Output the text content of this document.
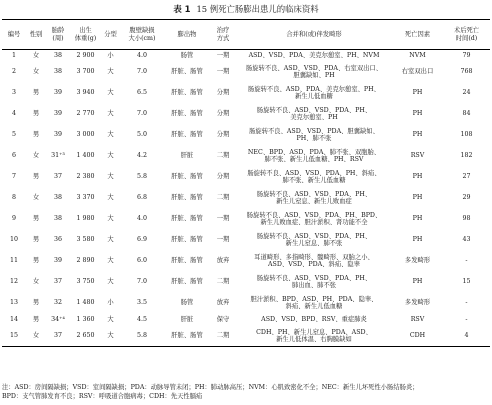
表 1 15 例死亡肠膨出患儿的临床资料
编号	性别	胎龄
(周)	出生
体重(g)	分型	腹壁缺损
大小(cm)	膨出物	治疗
方式	合并和(或)伴发畸形	死亡因素	术后死亡
时间(d)
1	女	38	2 900	小	4.0	肠管	一期	ASD、VSD、PDA、美克尔憩室、PH、NVM	NVM	79
2	女	38	3 700	大	7.0	肝脏、肠管	一期	肠旋转不良、ASD、VSD、PDA、右室双出口、
胆囊缺如、PH	右室双出口	768
3	男	39	3 940	大	6.5	肝脏、肠管	分期	肠旋转不良、ASD、PDA、美克尔憩室、PH、
新生儿低血糖	PH	24
4	男	39	2 770	大	7.0	肝脏、肠管	分期	肠旋转不良、ASD、VSD、PDA、PH、
美克尔憩室、PH	PH	84
5	男	39	3 000	大	5.0	肝脏、肠管	分期	肠旋转不良、ASD、VSD、PDA、胆囊缺如、
PH、肺不张	PH	108
6	女	31⁺³	1 400	大	4.2	肝脏	二期	NEC、BPD、ASD、PDA、肺不张、双胞胎、
肺不张、新生儿低血糖、PH、RSV	RSV	182
7	男	37	2 380	大	5.8	肝脏、肠管	分期	肠旋转不良、ASD、VSD、PDA、PH、斜疝、
肺不张、新生儿低血糖	PH	27
8	女	38	3 370	大	6.8	肝脏、肠管	二期	肠旋转不良、ASD、VSD、PDA、PH、
新生儿窒息、新生儿败血症	PH	29
9	男	38	1 980	大	4.0	肝脏、肠管	一期	肠旋转不良、ASD、VSD、PDA、PH、BPD、
新生儿败血症、胆汁淤积、肾功能不全	PH	98
10	男	36	3 580	大	6.9	肝脏、肠管	一期	肠旋转不良、ASD、VSD、PDA、PH、
新生儿窒息、肺不张	PH	43
11	男	39	2 890	大	6.0	肝脏、肠管	放弃	耳道畸形、多指畸形、髋畸形、双胎之小、
ASD、VSD、PDA、斜疝、隐睾	多发畸形	-
12	女	37	3 750	大	7.0	肝脏、肠管	二期	肠旋转不良、ASD、VSD、PDA、PH、
肺出血、肺不张	PH	15
13	男	32	1 480	小	3.5	肠管	放弃	胆汁淤积、BPD、ASD、PH、PDA、隐睾、
斜疝、新生儿低血糖	多发畸形	-
14	男	34⁺⁴	1 360	大	4.5	肝脏	保守	ASD、VSD、BPD、RSV、重症肺炎	RSV	-
15	女	37	2 650	大	5.8	肝脏、肠管	二期	CDH、PH、新生儿窒息、PDA、ASD、
新生儿低体温、右胸膜缺如	CDH	4
注：ASD：房间隔缺损；VSD：室间隔缺损；PDA：动脉导管未闭；PH：肺动脉高压；NVM：心肌致密化不全；NEC：新生儿坏死性小肠结肠炎；
BPD：支气管肺发育不良；RSV：呼吸道合胞病毒；CDH：先天性膈疝
